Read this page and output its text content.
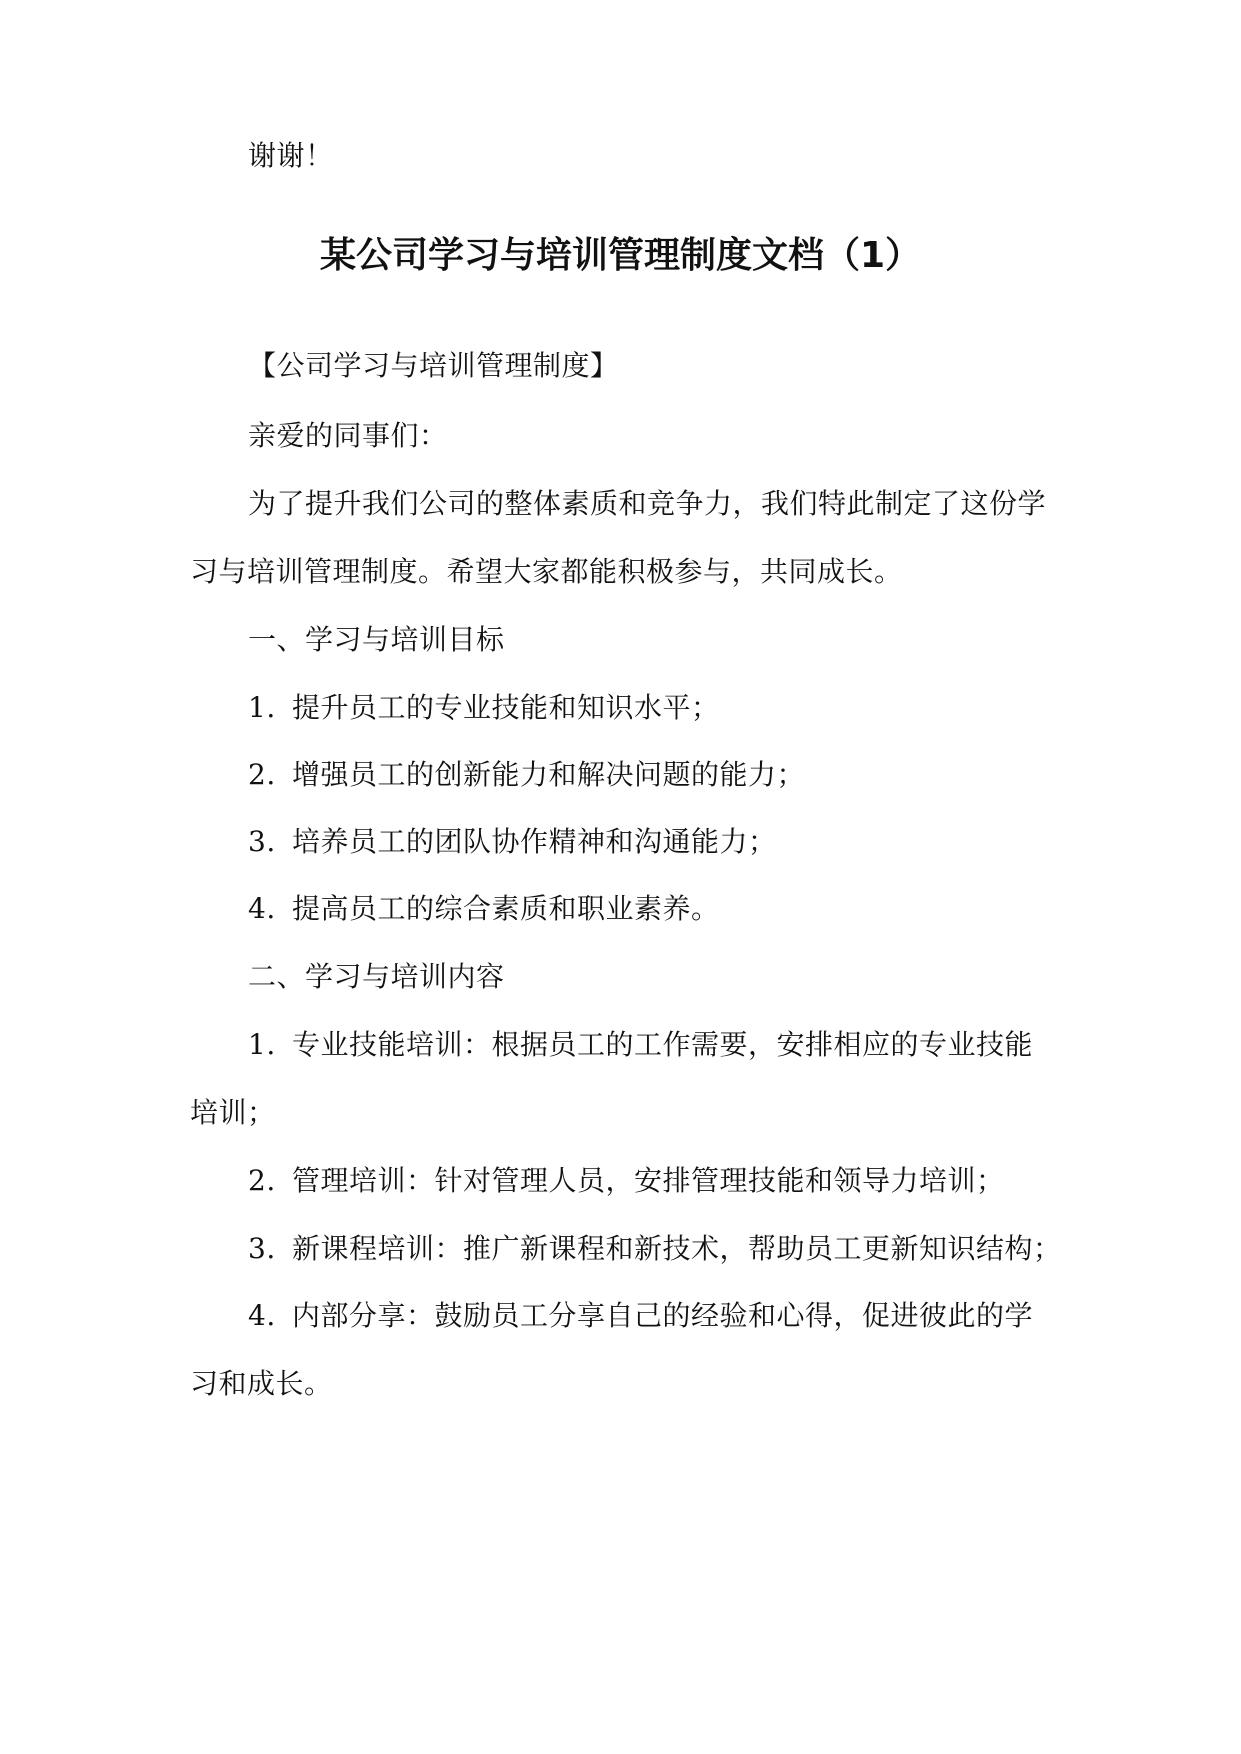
谢谢！
某公司学习与培训管理制度文档（1）
【公司学习与培训管理制度】
亲爱的同事们：
为了提升我们公司的整体素质和竞争力，我们特此制定了这份学
习与培训管理制度。希望大家都能积极参与，共同成长。
一、学习与培训目标
1. 提升员工的专业技能和知识水平；
2. 增强员工的创新能力和解决问题的能力；
3. 培养员工的团队协作精神和沟通能力；
4. 提高员工的综合素质和职业素养。
二、学习与培训内容
1. 专业技能培训：根据员工的工作需要，安排相应的专业技能
培训；
2. 管理培训：针对管理人员，安排管理技能和领导力培训；
3. 新课程培训：推广新课程和新技术，帮助员工更新知识结构；
4. 内部分享：鼓励员工分享自己的经验和心得，促进彼此的学
习和成长。
